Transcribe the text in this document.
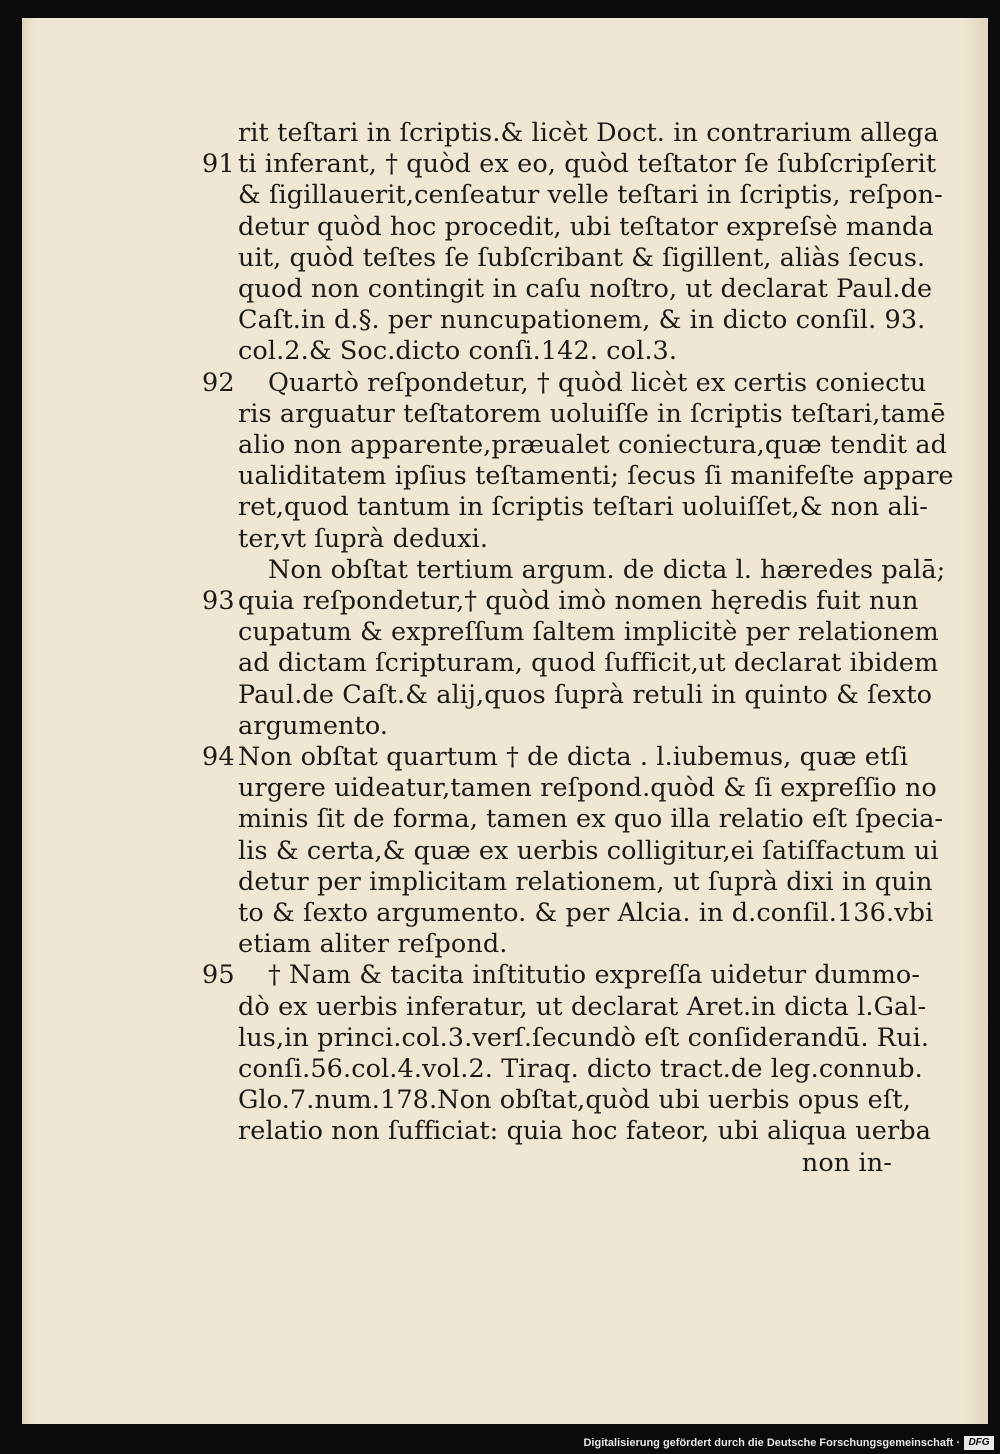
rit teſtari in ſcriptis.& licèt Doct. in contrarium allega
91 ti inferant, † quòd ex eo, quòd teſtator ſe ſubſcripſerit
& ſigillauerit,cenſeatur velle teſtari in ſcriptis, reſpon-
detur quòd hoc procedit, ubi teſtator expreſsè manda
uit, quòd teſtes ſe ſubſcribant & ſigillent, aliàs ſecus.
quod non contingit in caſu noſtro, ut declarat Paul.de
Caſt.in d.§. per nuncupationem, & in dicto conſil. 93.
col.2.& Soc.dicto conſi.142. col.3.
92 Quartò reſpondetur, † quòd licèt ex certis coniectu
ris arguatur teſtatorem uoluiſſe in ſcriptis teſtari,tamē
alio non apparente,præualet coniectura,quæ tendit ad
ualiditatem ipſius teſtamenti; ſecus ſi manifeſte appare
ret,quod tantum in ſcriptis teſtari uoluiſſet,& non ali-
ter,vt ſuprà deduxi.
Non obſtat tertium argum. de dicta l. hæredes palā;
93 quia reſpondetur,† quòd imò nomen hęredis fuit nun
cupatum & expreſſum ſaltem implicitè per relationem
ad dictam ſcripturam, quod ſufficit,ut declarat ibidem
Paul.de Caſt.& alij,quos ſuprà retuli in quinto & ſexto
argumento.
94 Non obſtat quartum † de dicta . l.iubemus, quæ etſi
urgere uideatur,tamen reſpond.quòd & ſi expreſſio no
minis ſit de forma, tamen ex quo illa relatio eſt ſpecia-
lis & certa,& quæ ex uerbis colligitur,ei ſatiſfactum ui
detur per implicitam relationem, ut ſuprà dixi in quin
to & ſexto argumento. & per Alcia. in d.conſil.136.vbi
etiam aliter reſpond.
95 † Nam & tacita inſtitutio expreſſa uidetur dummo-
dò ex uerbis inferatur, ut declarat Aret.in dicta l.Gal-
lus,in princi.col.3.verſ.ſecundò eſt conſiderandū. Rui.
conſi.56.col.4.vol.2. Tiraq. dicto tract.de leg.connub.
Glo.7.num.178.Non obſtat,quòd ubi uerbis opus eſt,
relatio non ſufficiat: quia hoc fateor, ubi aliqua uerba
non in-
Digitalisierung gefördert durch die Deutsche Forschungsgemeinschaft · DFG
